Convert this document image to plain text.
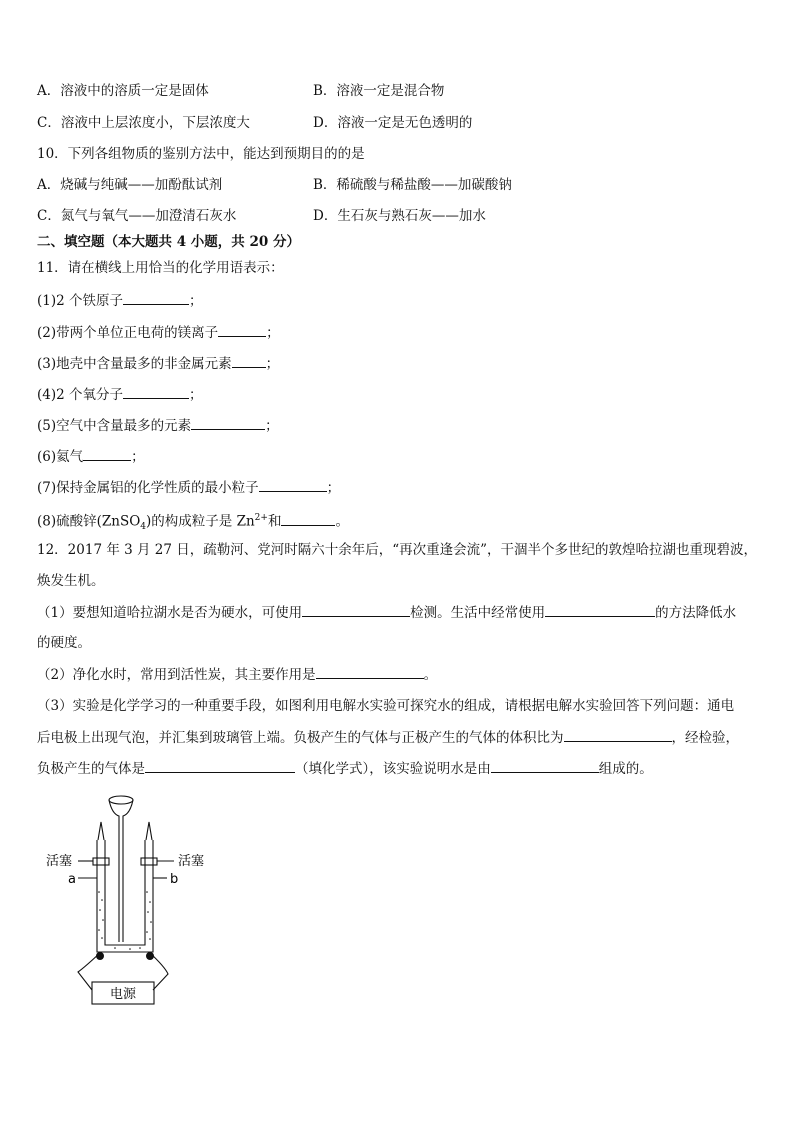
A．溶液中的溶质一定是固体	B．溶液一定是混合物
C．溶液中上层浓度小，下层浓度大	D．溶液一定是无色透明的
10．下列各组物质的鉴别方法中，能达到预期目的的是
A．烧碱与纯碱——加酚酞试剂	B．稀硫酸与稀盐酸——加碳酸钠
C．氮气与氧气——加澄清石灰水	D．生石灰与熟石灰——加水
二、填空题（本大题共 4 小题，共 20 分）
11．请在横线上用恰当的化学用语表示：
(1)2 个铁原子	；
(2)带两个单位正电荷的镁离子	；
(3)地壳中含量最多的非金属元素	；
(4)2 个氧分子	；
(5)空气中含量最多的元素	；
(6)氦气	；
(7)保持金属铝的化学性质的最小粒子	；
(8)硫酸锌(ZnSO$_4$)的构成粒子是 $Zn^{2+}$和	。
12．2017 年 3 月 27 日，疏勒河、党河时隔六十余年后，“再次重逢会流”，干涸半个多世纪的敦煌哈拉湖也重现碧波，
焕发生机。
（1）要想知道哈拉湖水是否为硬水，可使用	检测。生活中经常使用	的方法降低水
的硬度。
（2）净化水时，常用到活性炭，其主要作用是	。
（3）实验是化学学习的一种重要手段，如图利用电解水实验可探究水的组成，请根据电解水实验回答下列问题：通电
后电极上出现气泡，并汇集到玻璃管上端。负极产生的气体与正极产生的气体的体积比为	，经检验，
负极产生的气体是	（填化学式），该实验说明水是由	组成的。
活塞	活塞
a	b
电源
